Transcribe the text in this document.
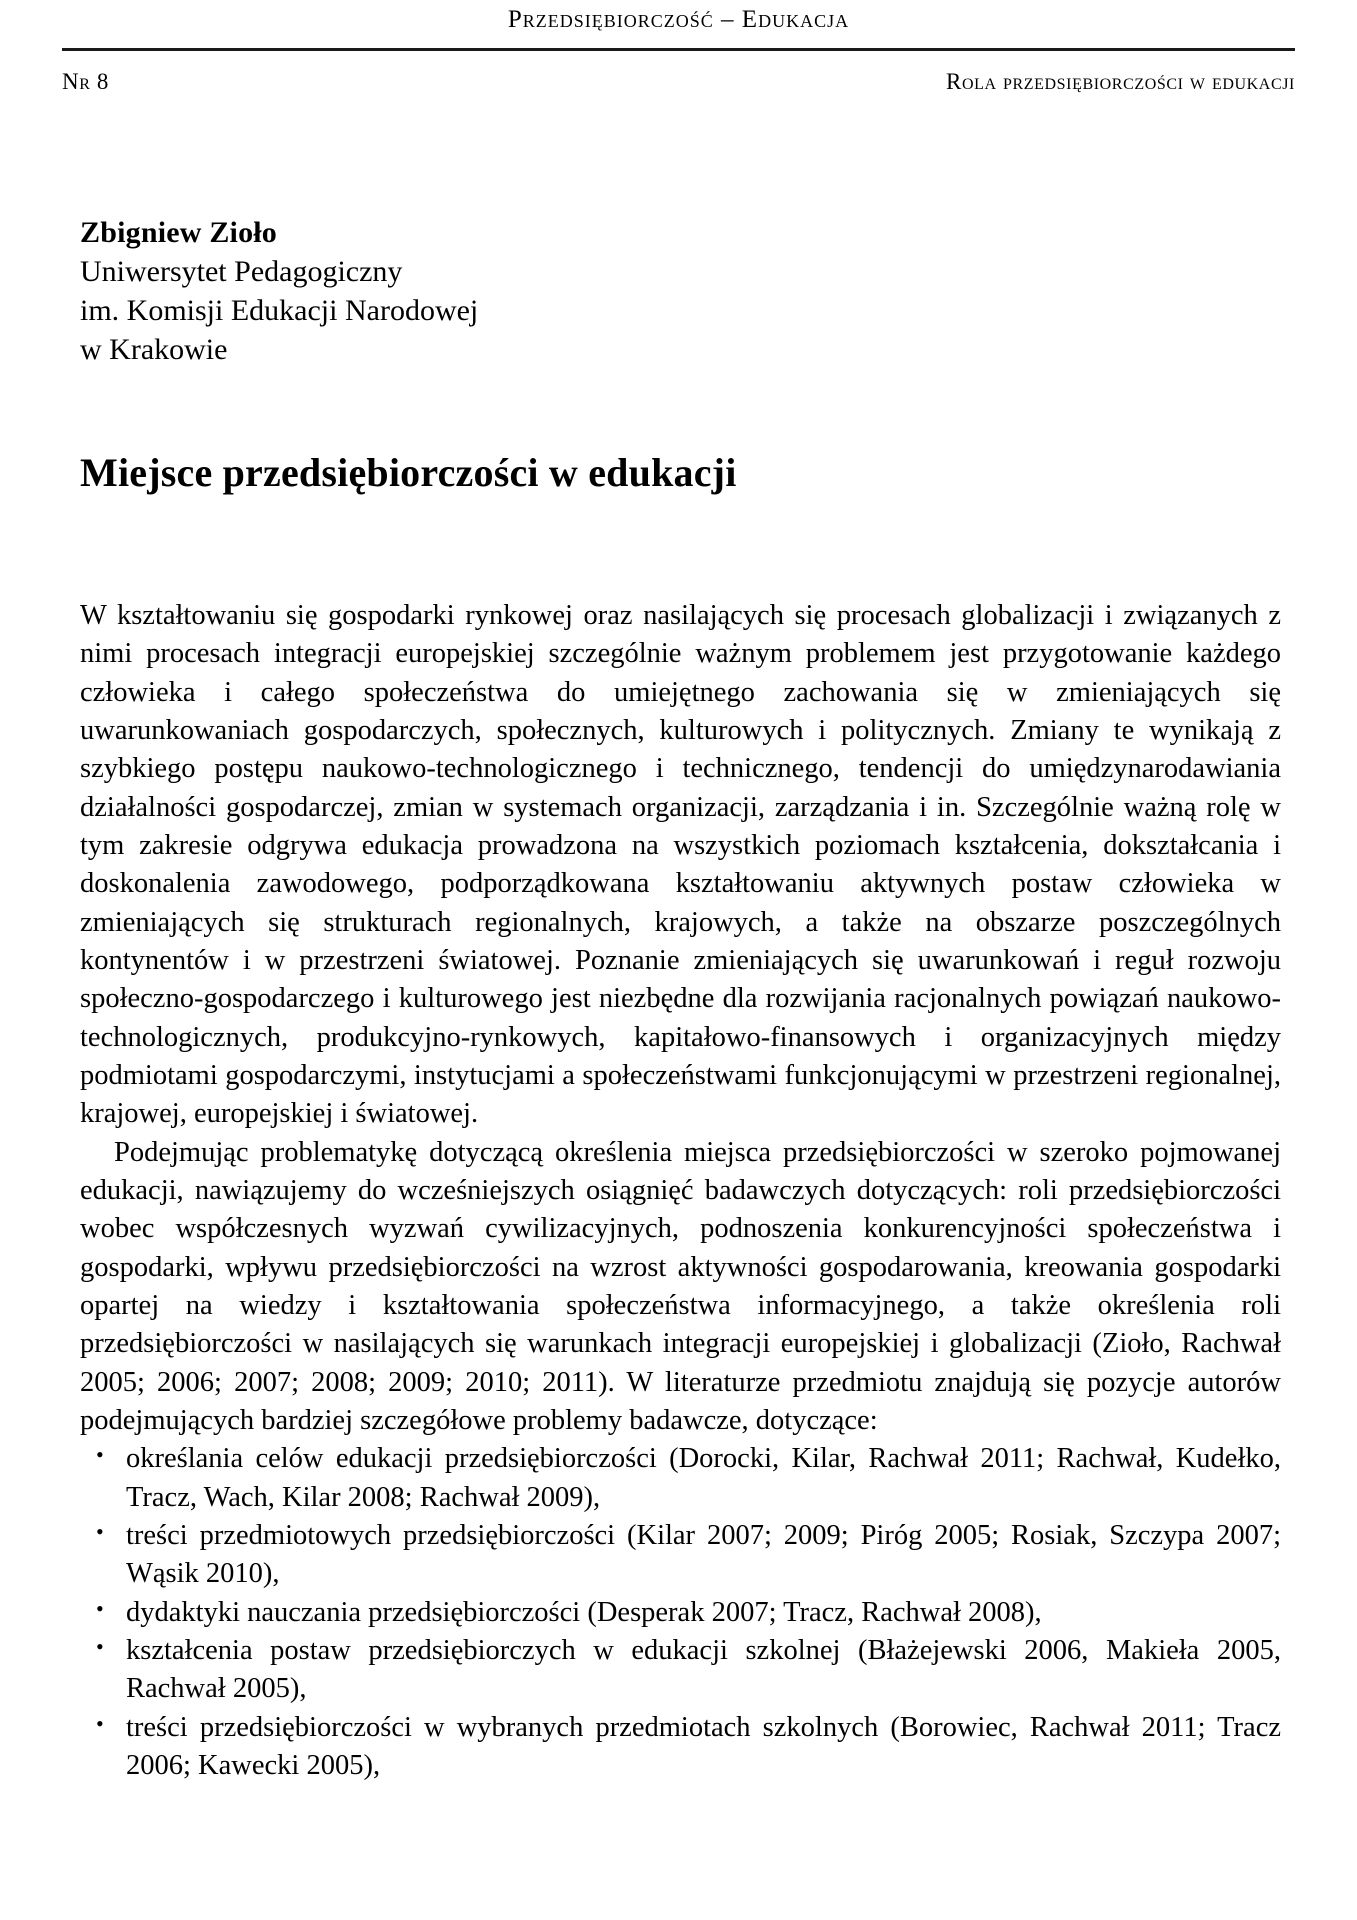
Przedsiębiorczość – Edukacja
Nr 8	Rola przedsiębiorczości w edukacji
Zbigniew Zioło
Uniwersytet Pedagogiczny
im. Komisji Edukacji Narodowej
w Krakowie
Miejsce przedsiębiorczości w edukacji

W kształtowaniu się gospodarki rynkowej oraz nasilających się procesach globalizacji i związanych z nimi procesach integracji europejskiej szczególnie ważnym problemem jest przygotowanie każdego człowieka i całego społeczeństwa do umiejętnego zachowania się w zmieniających się uwarunkowaniach gospodarczych, społecznych, kulturowych i politycznych. Zmiany te wynikają z szybkiego postępu naukowo-technologicznego i technicznego, tendencji do umiędzynarodawiania działalności gospodarczej, zmian w systemach organizacji, zarządzania i in. Szczególnie ważną rolę w tym zakresie odgrywa edukacja prowadzona na wszystkich poziomach kształcenia, dokształcania i doskonalenia zawodowego, podporządkowana kształtowaniu aktywnych postaw człowieka w zmieniających się strukturach regionalnych, krajowych, a także na obszarze poszczególnych kontynentów i w przestrzeni światowej. Poznanie zmieniających się uwarunkowań i reguł rozwoju społeczno-gospodarczego i kulturowego jest niezbędne dla rozwijania racjonalnych powiązań naukowo-technologicznych, produkcyjno-rynkowych, kapitałowo-finansowych i organizacyjnych między podmiotami gospodarczymi, instytucjami a społeczeństwami funkcjonującymi w przestrzeni regionalnej, krajowej, europejskiej i światowej.

Podejmując problematykę dotyczącą określenia miejsca przedsiębiorczości w szeroko pojmowanej edukacji, nawiązujemy do wcześniejszych osiągnięć badawczych dotyczących: roli przedsiębiorczości wobec współczesnych wyzwań cywilizacyjnych, podnoszenia konkurencyjności społeczeństwa i gospodarki, wpływu przedsiębiorczości na wzrost aktywności gospodarowania, kreowania gospodarki opartej na wiedzy i kształtowania społeczeństwa informacyjnego, a także określenia roli przedsiębiorczości w nasilających się warunkach integracji europejskiej i globalizacji (Zioło, Rachwał 2005; 2006; 2007; 2008; 2009; 2010; 2011). W literaturze przedmiotu znajdują się pozycje autorów podejmujących bardziej szczegółowe problemy badawcze, dotyczące:

• określania celów edukacji przedsiębiorczości (Dorocki, Kilar, Rachwał 2011; Rachwał, Kudełko, Tracz, Wach, Kilar 2008; Rachwał 2009),
• treści przedmiotowych przedsiębiorczości (Kilar 2007; 2009; Piróg 2005; Rosiak, Szczypa 2007; Wąsik 2010),
• dydaktyki nauczania przedsiębiorczości (Desperak 2007; Tracz, Rachwał 2008),
• kształcenia postaw przedsiębiorczych w edukacji szkolnej (Błażejewski 2006, Makieła 2005, Rachwał 2005),
• treści przedsiębiorczości w wybranych przedmiotach szkolnych (Borowiec, Rachwał 2011; Tracz 2006; Kawecki 2005),
